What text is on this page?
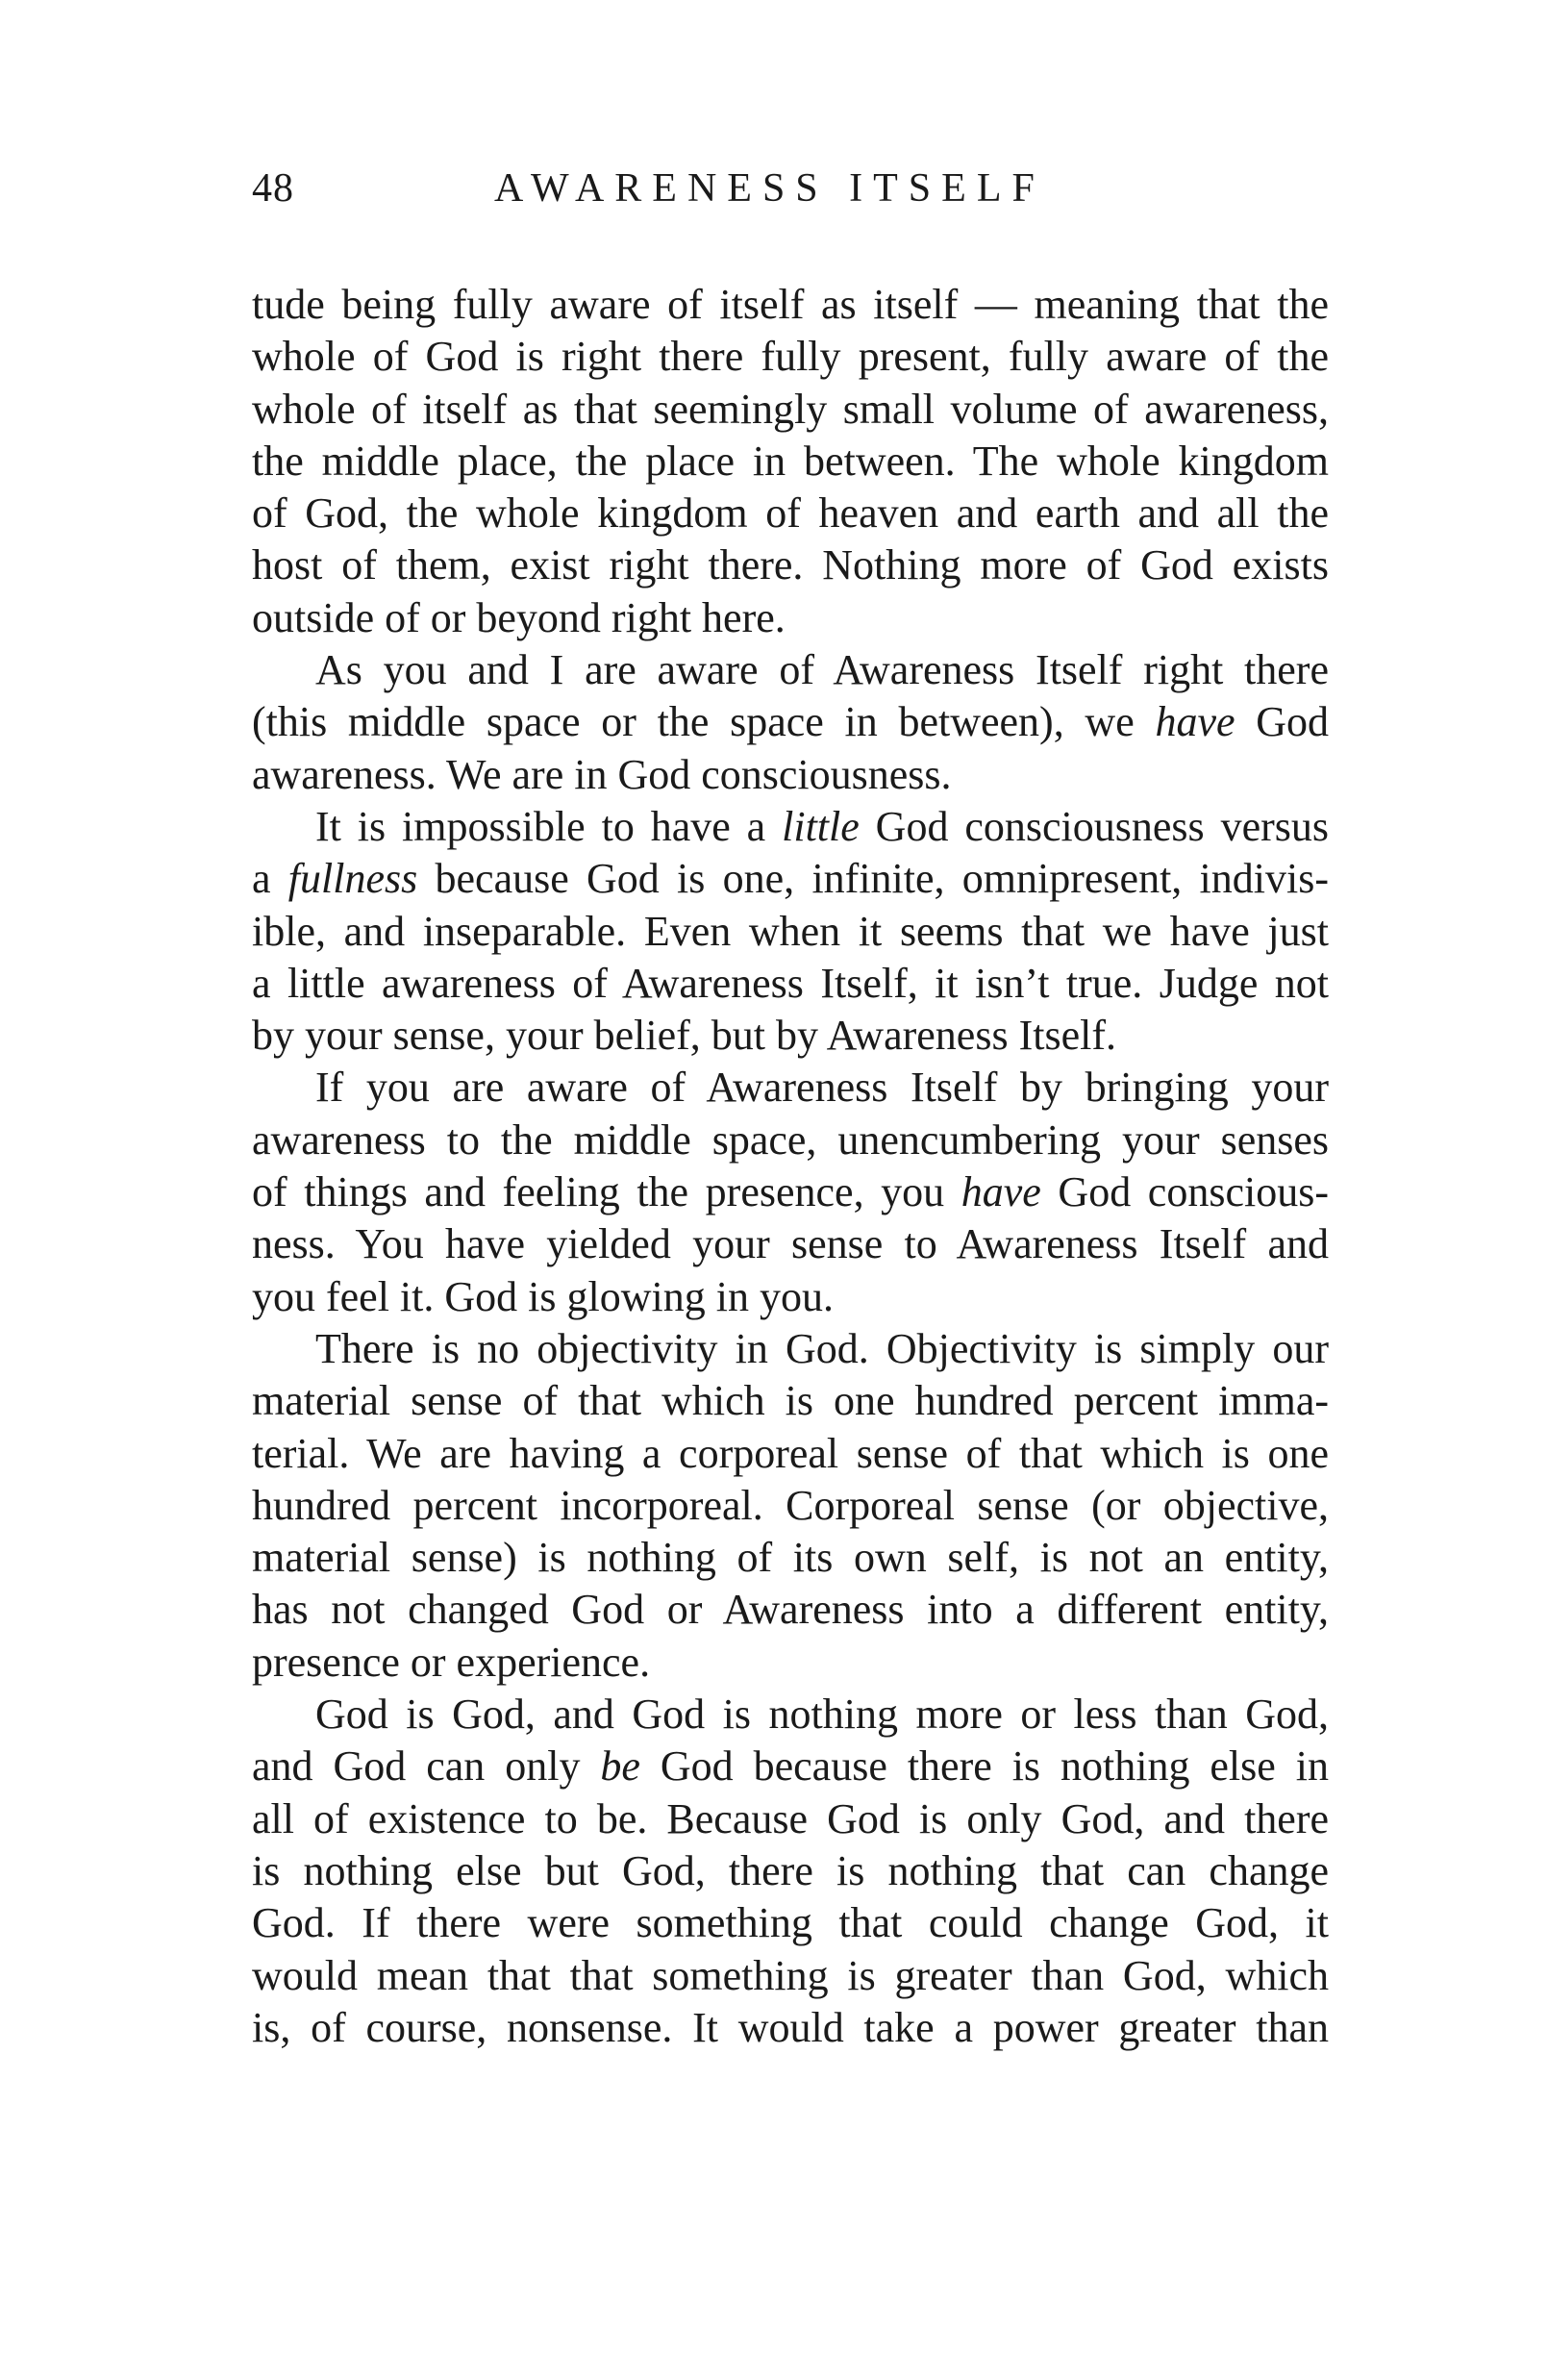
48	AWARENESS ITSELF
tude being fully aware of itself as itself — meaning that the
whole of God is right there fully present, fully aware of the
whole of itself as that seemingly small volume of awareness,
the middle place, the place in between. The whole kingdom
of God, the whole kingdom of heaven and earth and all the
host of them, exist right there. Nothing more of God exists
outside of or beyond right here.
As you and I are aware of Awareness Itself right there
(this middle space or the space in between), we have God
awareness. We are in God consciousness.
It is impossible to have a little God consciousness versus
a fullness because God is one, infinite, omnipresent, indivis-
ible, and inseparable. Even when it seems that we have just
a little awareness of Awareness Itself, it isn’t true. Judge not
by your sense, your belief, but by Awareness Itself.
If you are aware of Awareness Itself by bringing your
awareness to the middle space, unencumbering your senses
of things and feeling the presence, you have God conscious-
ness. You have yielded your sense to Awareness Itself and
you feel it. God is glowing in you.
There is no objectivity in God. Objectivity is simply our
material sense of that which is one hundred percent imma-
terial. We are having a corporeal sense of that which is one
hundred percent incorporeal. Corporeal sense (or objective,
material sense) is nothing of its own self, is not an entity,
has not changed God or Awareness into a different entity,
presence or experience.
God is God, and God is nothing more or less than God,
and God can only be God because there is nothing else in
all of existence to be. Because God is only God, and there
is nothing else but God, there is nothing that can change
God. If there were something that could change God, it
would mean that that something is greater than God, which
is, of course, nonsense. It would take a power greater than
